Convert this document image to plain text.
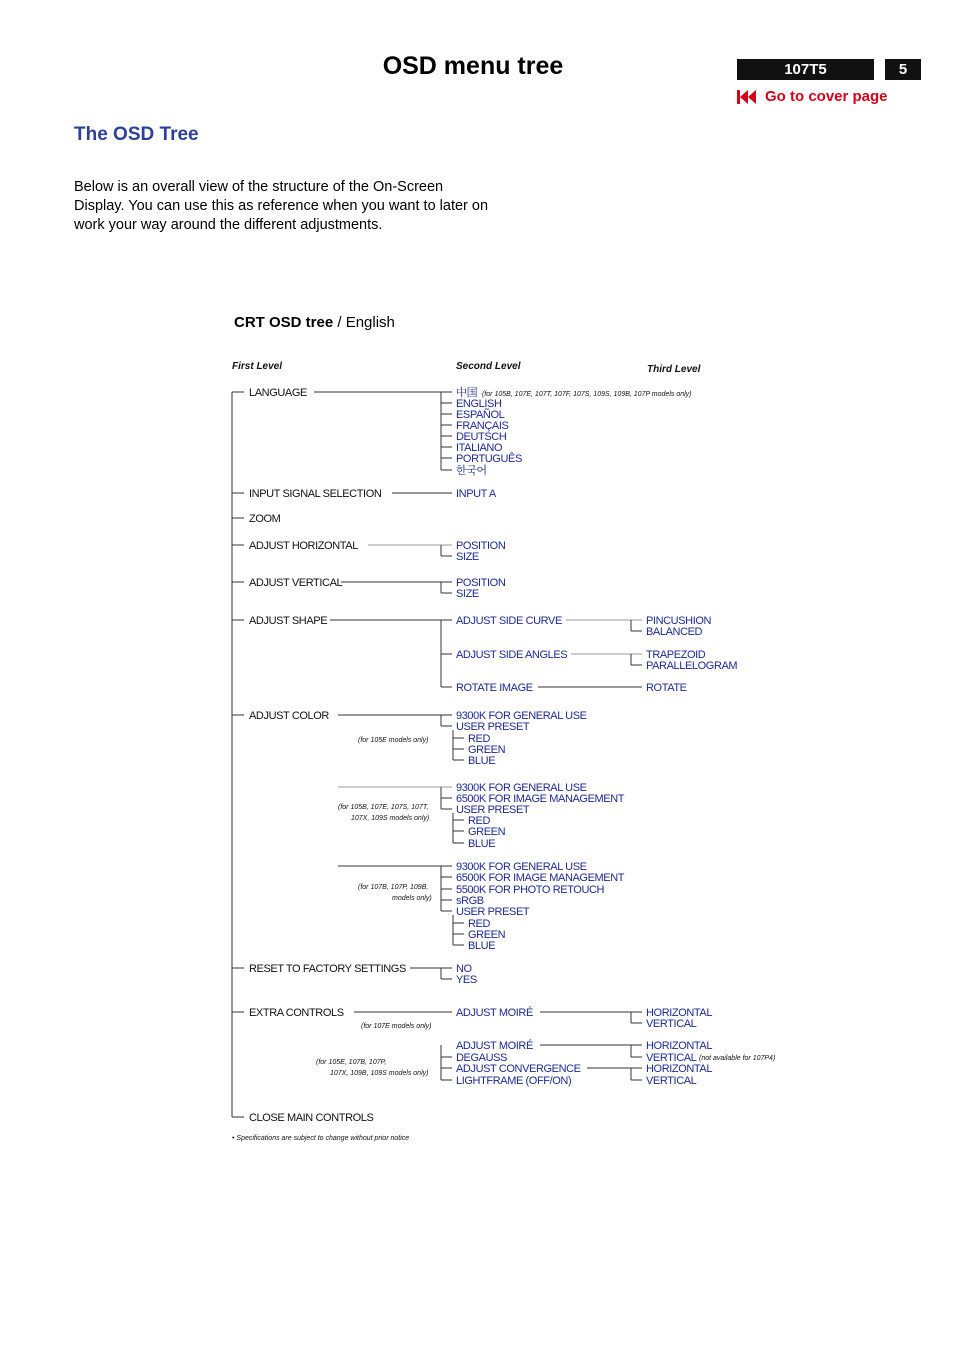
OSD menu tree	107T5	5
Go to cover page
The OSD Tree
Below is an overall view of the structure of the On-Screen Display. You can use this as reference when you want to later on work your way around the different adjustments.
CRT OSD tree / English
First Level	Second Level	Third Level
LANGUAGE
INPUT SIGNAL SELECTION
ZOOM
ADJUST HORIZONTAL
ADJUST VERTICAL
ADJUST SHAPE
ADJUST COLOR
RESET TO FACTORY SETTINGS
EXTRA CONTROLS
CLOSE MAIN CONTROLS
中国 (for 105B, 107E, 107T, 107F, 107S, 109S, 109B, 107P models only)
ENGLISH
ESPAÑOL
FRANÇAIS
DEUTSCH
ITALIANO
PORTUGUÊS
한국어
INPUT A
POSITION
SIZE
POSITION
SIZE
ADJUST SIDE CURVE
ADJUST SIDE ANGLES
ROTATE IMAGE
PINCUSHION
BALANCED
TRAPEZOID
PARALLELOGRAM
ROTATE
(for 105E models only)
9300K FOR GENERAL USE
USER PRESET
RED
GREEN
BLUE
(for 105B, 107E, 107S, 107T,
107X, 109S models only)
9300K FOR GENERAL USE
6500K FOR IMAGE MANAGEMENT
USER PRESET
RED
GREEN
BLUE
(for 107B, 107P, 109B,
models only)
9300K FOR GENERAL USE
6500K FOR IMAGE MANAGEMENT
5500K FOR PHOTO RETOUCH
sRGB
USER PRESET
RED
GREEN
BLUE
NO
YES
(for 107E models only)
ADJUST MOIRÉ	HORIZONTAL
VERTICAL
(for 105E, 107B, 107P,
107X, 109B, 109S models only)
ADJUST MOIRÉ
DEGAUSS
ADJUST CONVERGENCE
LIGHTFRAME (OFF/ON)
HORIZONTAL
VERTICAL (not available for 107P4)
HORIZONTAL
VERTICAL
• Specifications are subject to change without prior notice
